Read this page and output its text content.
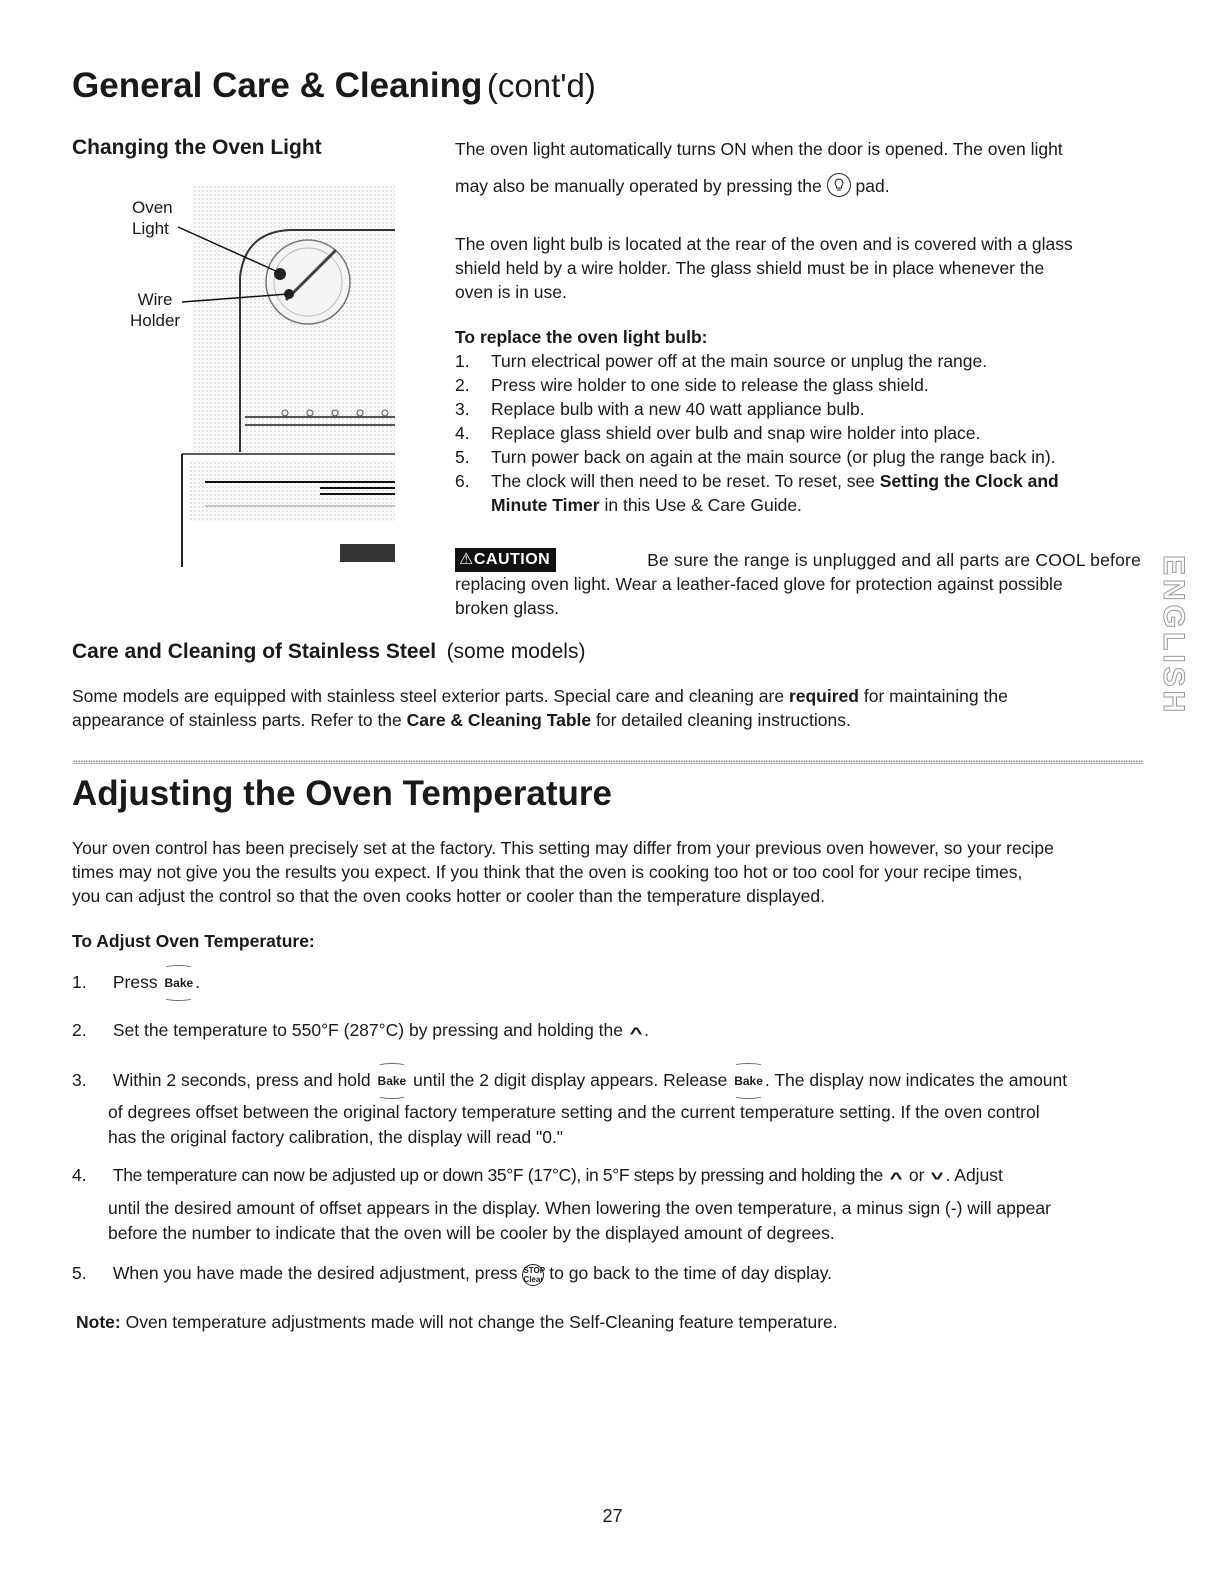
General Care & Cleaning (cont'd)
Changing the Oven Light
Oven
Light
Wire
Holder
The oven light automatically turns ON when the door is opened. The oven light
may also be manually operated by pressing the pad.
The oven light bulb is located at the rear of the oven and is covered with a glass
shield held by a wire holder. The glass shield must be in place whenever the
oven is in use.
To replace the oven light bulb:
1. Turn electrical power off at the main source or unplug the range.
2. Press wire holder to one side to release the glass shield.
3. Replace bulb with a new 40 watt appliance bulb.
4. Replace glass shield over bulb and snap wire holder into place.
5. Turn power back on again at the main source (or plug the range back in).
6. The clock will then need to be reset. To reset, see Setting the Clock and
Minute Timer in this Use & Care Guide.
⚠CAUTION	Be sure the range is unplugged and all parts are COOL before
replacing oven light. Wear a leather-faced glove for protection against possible
broken glass.	ENGLISH
Care and Cleaning of Stainless Steel (some models)
Some models are equipped with stainless steel exterior parts. Special care and cleaning are required for maintaining the
appearance of stainless parts. Refer to the Care & Cleaning Table for detailed cleaning instructions.
Adjusting the Oven Temperature
Your oven control has been precisely set at the factory. This setting may differ from your previous oven however, so your recipe
times may not give you the results you expect. If you think that the oven is cooking too hot or too cool for your recipe times,
you can adjust the control so that the oven cooks hotter or cooler than the temperature displayed.
To Adjust Oven Temperature:
1. Press Bake .
2. Set the temperature to 550°F (287°C) by pressing and holding the ˄.
3. Within 2 seconds, press and hold Bake until the 2 digit display appears. Release Bake . The display now indicates the amount
of degrees offset between the original factory temperature setting and the current temperature setting. If the oven control
has the original factory calibration, the display will read "0."
4. The temperature can now be adjusted up or down 35°F (17°C), in 5°F steps by pressing and holding the ˄ or ˅. Adjust
until the desired amount of offset appears in the display. When lowering the oven temperature, a minus sign (-) will appear
before the number to indicate that the oven will be cooler by the displayed amount of degrees.
5. When you have made the desired adjustment, press STOP
Clear to go back to the time of day display.
Note: Oven temperature adjustments made will not change the Self-Cleaning feature temperature.
27
